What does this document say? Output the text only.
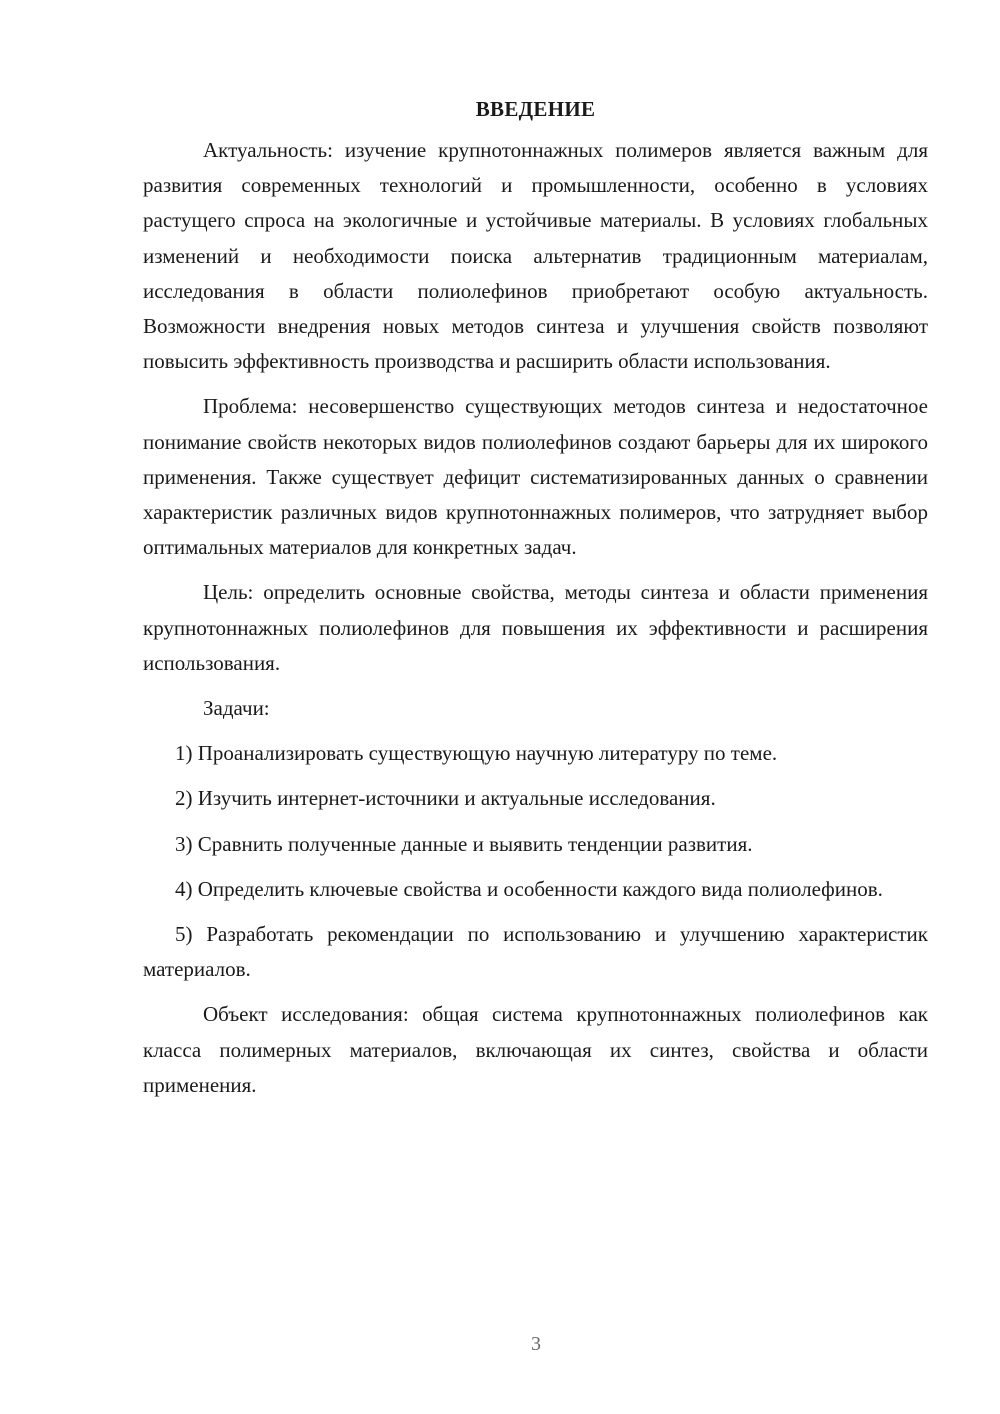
ВВЕДЕНИЕ

Актуальность: изучение крупнотоннажных полимеров является важным для развития современных технологий и промышленности, особенно в условиях растущего спроса на экологичные и устойчивые материалы. В условиях глобальных изменений и необходимости поиска альтернатив традиционным материалам, исследования в области полиолефинов приобретают особую актуальность. Возможности внедрения новых методов синтеза и улучшения свойств позволяют повысить эффективность производства и расширить области использования.

Проблема: несовершенство существующих методов синтеза и недостаточное понимание свойств некоторых видов полиолефинов создают барьеры для их широкого применения. Также существует дефицит систематизированных данных о сравнении характеристик различных видов крупнотоннажных полимеров, что затрудняет выбор оптимальных материалов для конкретных задач.

Цель: определить основные свойства, методы синтеза и области применения крупнотоннажных полиолефинов для повышения их эффективности и расширения использования.

Задачи:

1) Проанализировать существующую научную литературу по теме.

2) Изучить интернет-источники и актуальные исследования.

3) Сравнить полученные данные и выявить тенденции развития.

4) Определить ключевые свойства и особенности каждого вида полиолефинов.

5) Разработать рекомендации по использованию и улучшению характеристик материалов.

Объект исследования: общая система крупнотоннажных полиолефинов как класса полимерных материалов, включающая их синтез, свойства и области применения.

3
